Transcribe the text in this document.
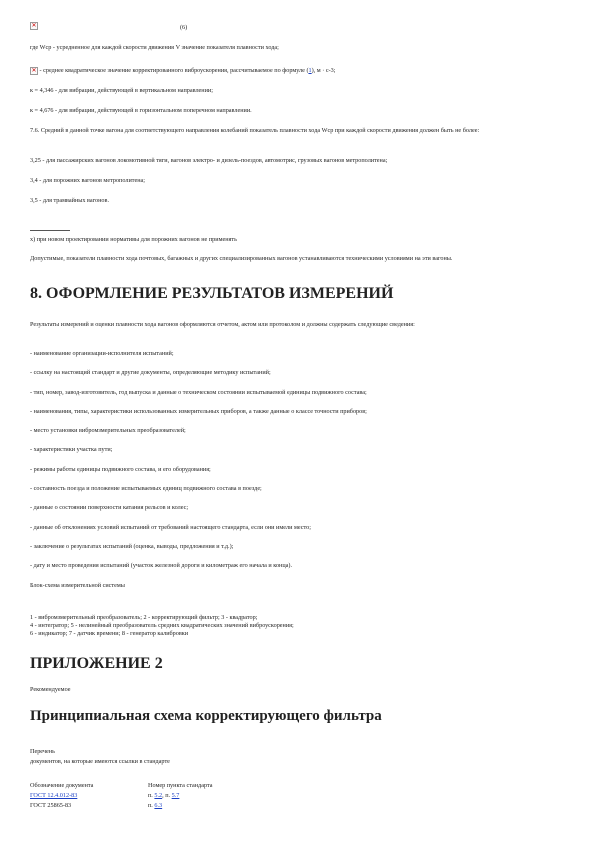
✕	(6)
где Wcp - усредненное для каждой скорости движения V значение показателя плавности хода;
✕ - среднее квадратическое значение корректированного виброускорения, рассчитываемое по формуле (1), м · с-3;
к = 4,346 - для вибрации, действующей в вертикальном направлении;
к = 4,676 - для вибрации, действующей в горизонтальном поперечном направлении.
7.6. Средний в данной точке вагона для соответствующего направления колебаний показатель плавности хода Wcp при каждой скорости движения должен быть не более:
3,25 - для пассажирских вагонов локомотивной тяги, вагонов электро- и дизель-поездов, автомотрис, грузовых вагонов метрополитена;
3,4 - для порожних вагонов метрополитена;
3,5 - для трамвайных вагонов.
x) при новом проектировании нормативы для порожних вагонов не применять
Допустимые, показатели плавности хода почтовых, багажных и других специализированных вагонов устанавливаются техническими условиями на эти вагоны.
8. ОФОРМЛЕНИЕ РЕЗУЛЬТАТОВ ИЗМЕРЕНИЙ
Результаты измерений и оценки плавности хода вагонов оформляются отчетом, актом или протоколом и должны содержать следующие сведения:
- наименование организации-исполнителя испытаний;
- ссылку на настоящий стандарт и другие документы, определяющие методику испытаний;
- тип, номер, завод-изготовитель, год выпуска и данные о техническом состоянии испытываемой единицы подвижного состава;
- наименования, типы, характеристики использованных измерительных приборов, а также данные о классе точности приборов;
- место установки вибромзмерительных преобразователей;
- характеристики участка пути;
- режимы работы единицы подвижного состава, и его оборудования;
- составность поезда и положение испытываемых единиц подвижного состава в поезде;
- данные о состоянии поверхности катания рельсов и колес;
- данные об отклонениях условий испытаний от требований настоящего стандарта, если они имели место;
- заключение о результатах испытаний (оценка, выводы, предложения и т.д.);
- дату и место проведения испытаний (участок железной дороги и километраж его начала и конца).
Блок-схема измерительной системы
1 - вибромзмерительный преобразователь; 2 - корректирующий фильтр; 3 - квадратор;
4 - интегратор; 5 - нелинейный преобразователь средних квадратических значений виброускорения;
6 - индикатор; 7 - датчик времени; 8 - генератор калибровки
ПРИЛОЖЕНИЕ 2
Рекомендуемое
Принципиальная схема корректирующего фильтра
Перечень
документов, на которые имеются ссылки в стандарте
Обозначение документа	Номер пункта стандарта
ГОСТ 12.4.012-83	п. 5.2, п. 5.7
ГОСТ 25865-83	п. 6.3
